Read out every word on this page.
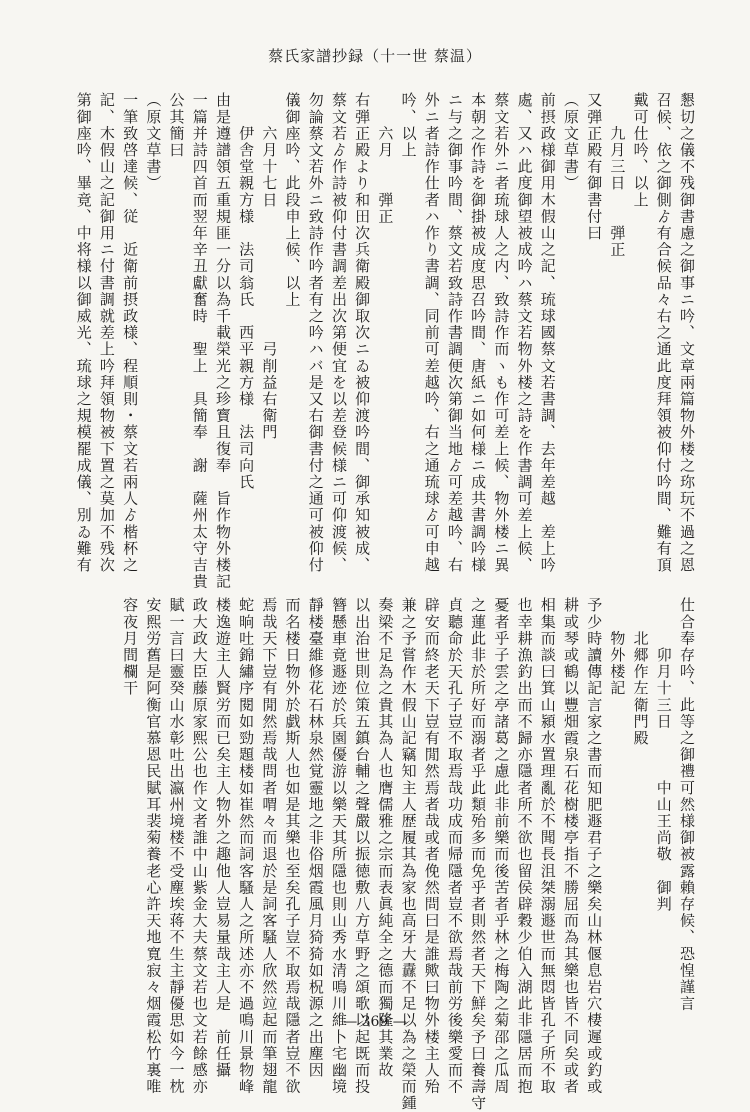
蔡氏家譜抄録（十一世 蔡温）
懇切之儀不残御書慮之御事ニ吟、文章兩篇物外楼之珎玩不過之恩
召候、依之御側ゟ有合候品々右之通此度拜領被仰付吟間、難有頂
戴可仕吟、以上
　　九月三日　　弾正
又弾正殿有御書付曰
（原文草書）
前摂政様御用木假山之記、琉球國蔡文若書調、去年差越　差上吟
處、又ハ此度御望被成吟ハ蔡文若物外楼之詩を作書調可差上候、
蔡文若外ニ者琉球人之内、致詩作而ヽも作可差上候、物外楼ニ異
本朝之作詩を御掛被成度思召吟間、唐紙ニ如何様ニ成共書調吟様
ニ与之御事吟間、蔡文若致詩作書調便次第御当地ゟ可差越吟、右
外ニ者詩作仕者ハ作り書調、同前可差越吟、右之通琉球ゟ可申越
吟、以上
　　六月　　弾正
右弾正殿より和田次兵衛殿御取次ニゐ被仰渡吟間、御承知被成、
蔡文若ゟ作詩被仰付書調差出次第便宜を以差登候様ニ可仰渡候、
勿論蔡文若外ニ致詩作吟者有之吟ハバ是又右御書付之通可被仰付
儀御座吟、此段申上候、以上
　　六月十七日　　　　　　　　弓削益右衛門
　　伊舎堂親方様　法司翁氏　西平親方様　法司向氏
由是遵譜領五重規匪一分以為千載榮光之珍寳且復奉　旨作物外楼記
一篇并詩四首而翌年辛丑獻奮時　聖上　具簡奉　謝　薩州太守吉貴
公其簡曰
（原文草書）
一筆致啓達候、従　近衛前摂政様、程順則・蔡文若兩人ゟ楷杯之
記、木假山之記御用ニ付書調就差上吟拜領物被下置之莫加不残次
第御座吟、畢竟、中将様以御威光、琉球之規模罷成儀、別ゐ難有
仕合奉存吟、此等之御禮可然様御被露賴存候、恐惶謹言
　　　卯月十三日　　　中山王尚敬　御判
　　北郷作左衛門殿
　　物外楼記
予少時讀傳記言家之書而知肥遯君子之樂矣山林偃息岩穴棲遲或釣或
耕或琴或鶴以豐畑霞泉石花樹楼亭指不勝屈而為其樂也皆不同矣或者
相集而談曰箕山潁水置理亂於不聞長沮桀溺遯世而無悶皆孔子所不取
也幸耕漁釣出而不歸亦隱者所不欲也留侯辟穀少伯入湖此非隱居而抱
憂者乎子雲之亭諸葛之慮此非前樂而後苦者乎林之梅陶之菊邵之瓜周
之蓮此非於所好而溺者乎此類殆多而免乎者則然者天下鮮矣予曰養壽守
貞聽命於天孔子豈不取焉哉功成而帰隱者豈不欲焉哉前労後樂愛而不
辟安而終老天下豈有閒然焉者哉或者俛然問曰是誰歟曰物外楼主人殆
兼之予嘗作木假山記竊知主人歴履其為家也高牙大纛不足以為之榮而鍾
奏梁不足為之貴其為人也膺儒雅之宗而表眞純全之德而獨隆其業故
以出治世則位策五鎮台輔之聲嚴以振徳敷八方草野之頌歌以起既而投
簪懸車竟遯迹於兵園優游以樂天其所隱也則山秀水清鳴川維卜宅幽境
靜楼臺維修花石林泉然覚靈地之非俗烟霞風月猗猗如柷源之出塵因
而名楼日物外於戯斯人也如是其樂也至矣孔子豈不取焉哉隱者豈不欲
焉哉天下豈有閒然焉哉問者喟々而退於是詞客騷人欣然竝起而筆翅龍
蛇晌吐錦繡序閱如勁題楼如崔然而詞客騷人之所述亦不過鳴川景物峰
楼逸遊主人賢労而已矣主人物外之趣他人豈易量哉主人是　前任攝
政大政大臣藤原家熙公也作文者誰中山紫金大夫蔡文若也文若餘感亦
賦一言曰靈癸山水彰吐出瀛州境楼不受塵埃蒋不生主靜優思如今一枕
安熙労舊是阿衡官慕恩民賦耳裴菊養老心許天地寬寂々烟霞松竹裏唯
容夜月間欄干
— 369 —
